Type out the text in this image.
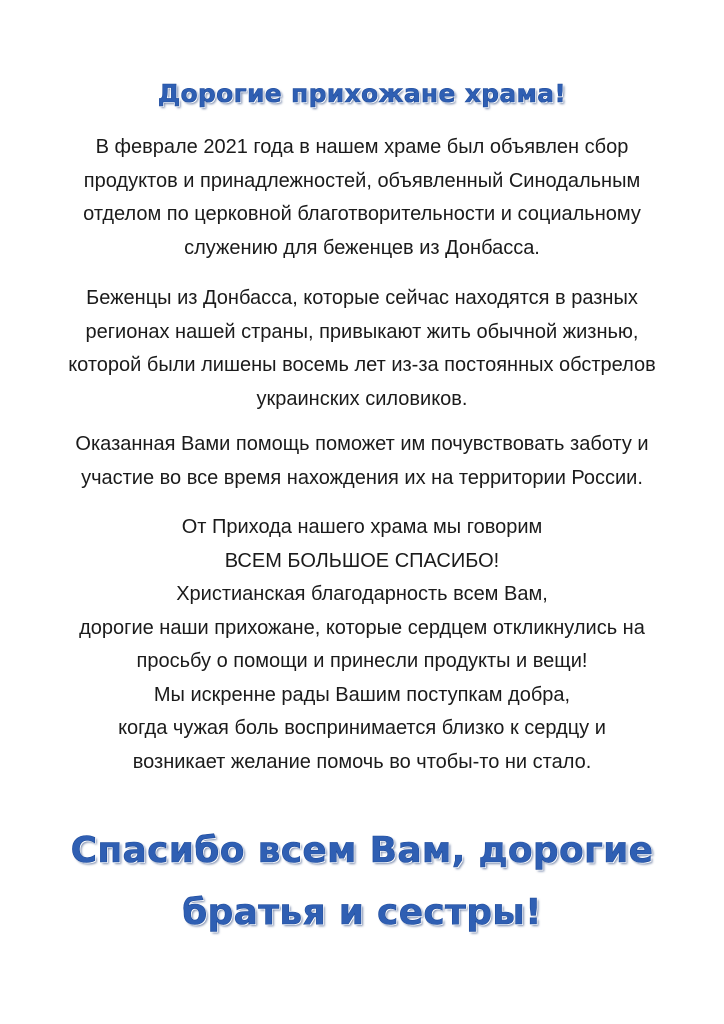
Дорогие прихожане храма!
В феврале 2021 года в нашем храме был объявлен сбор
продуктов и принадлежностей, объявленный Синодальным
отделом по церковной благотворительности и социальному
служению для беженцев из Донбасса.
Беженцы из Донбасса, которые сейчас находятся в разных
регионах нашей страны, привыкают жить обычной жизнью,
которой были лишены восемь лет из-за постоянных обстрелов
украинских силовиков.
Оказанная Вами помощь поможет им почувствовать заботу и
участие во все время нахождения их на территории России.
От Прихода нашего храма мы говорим
ВСЕМ БОЛЬШОЕ СПАСИБО!
Христианская благодарность всем Вам,
дорогие наши прихожане, которые сердцем откликнулись на
просьбу о помощи и принесли продукты и вещи!
Мы искренне рады Вашим поступкам добра,
когда чужая боль воспринимается близко к сердцу и
возникает желание помочь во чтобы-то ни стало.
Спасибо всем Вам, дорогие
братья и сестры!
